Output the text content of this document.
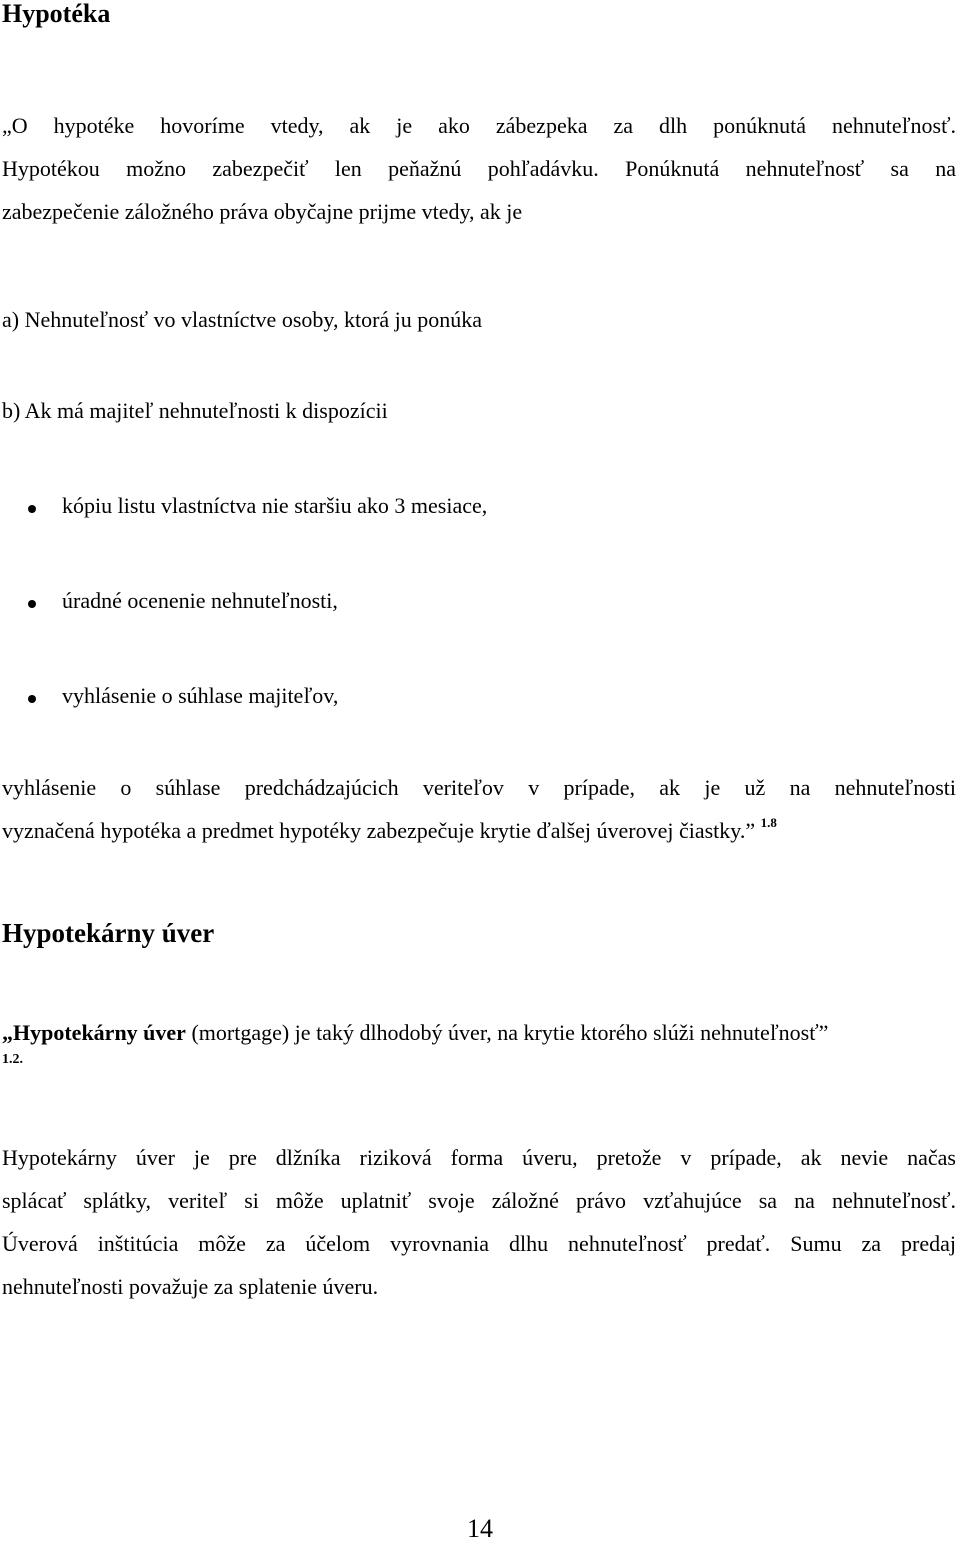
Hypotéka

„O hypotéke hovoríme vtedy, ak je ako zábezpeka za dlh ponúknutá nehnuteľnosť.

Hypotékou možno zabezpečiť len peňažnú pohľadávku. Ponúknutá nehnuteľnosť sa na

zabezpečenie záložného práva obyčajne prijme vtedy, ak je

a) Nehnuteľnosť vo vlastníctve osoby, ktorá ju ponúka
b) Ak má majiteľ nehnuteľnosti k dispozícii
kópiu listu vlastníctva nie staršiu ako 3 mesiace,
úradné ocenenie nehnuteľnosti,
vyhlásenie o súhlase majiteľov,

vyhlásenie o súhlase predchádzajúcich veriteľov v prípade, ak je už na nehnuteľnosti

vyznačená hypotéka a predmet hypotéky zabezpečuje krytie ďalšej úverovej čiastky.” $^{1.8}$

Hypotekárny úver

„Hypotekárny úver (mortgage) je taký dlhodobý úver, na krytie ktorého slúži nehnuteľnosť”

1.2.

Hypotekárny úver je pre dlžníka riziková forma úveru, pretože v prípade, ak nevie načas

splácať splátky, veriteľ si môže uplatniť svoje záložné právo vzťahujúce sa na nehnuteľnosť.

Úverová inštitúcia môže za účelom vyrovnania dlhu nehnuteľnosť predať. Sumu za predaj

nehnuteľnosti považuje za splatenie úveru.

14
